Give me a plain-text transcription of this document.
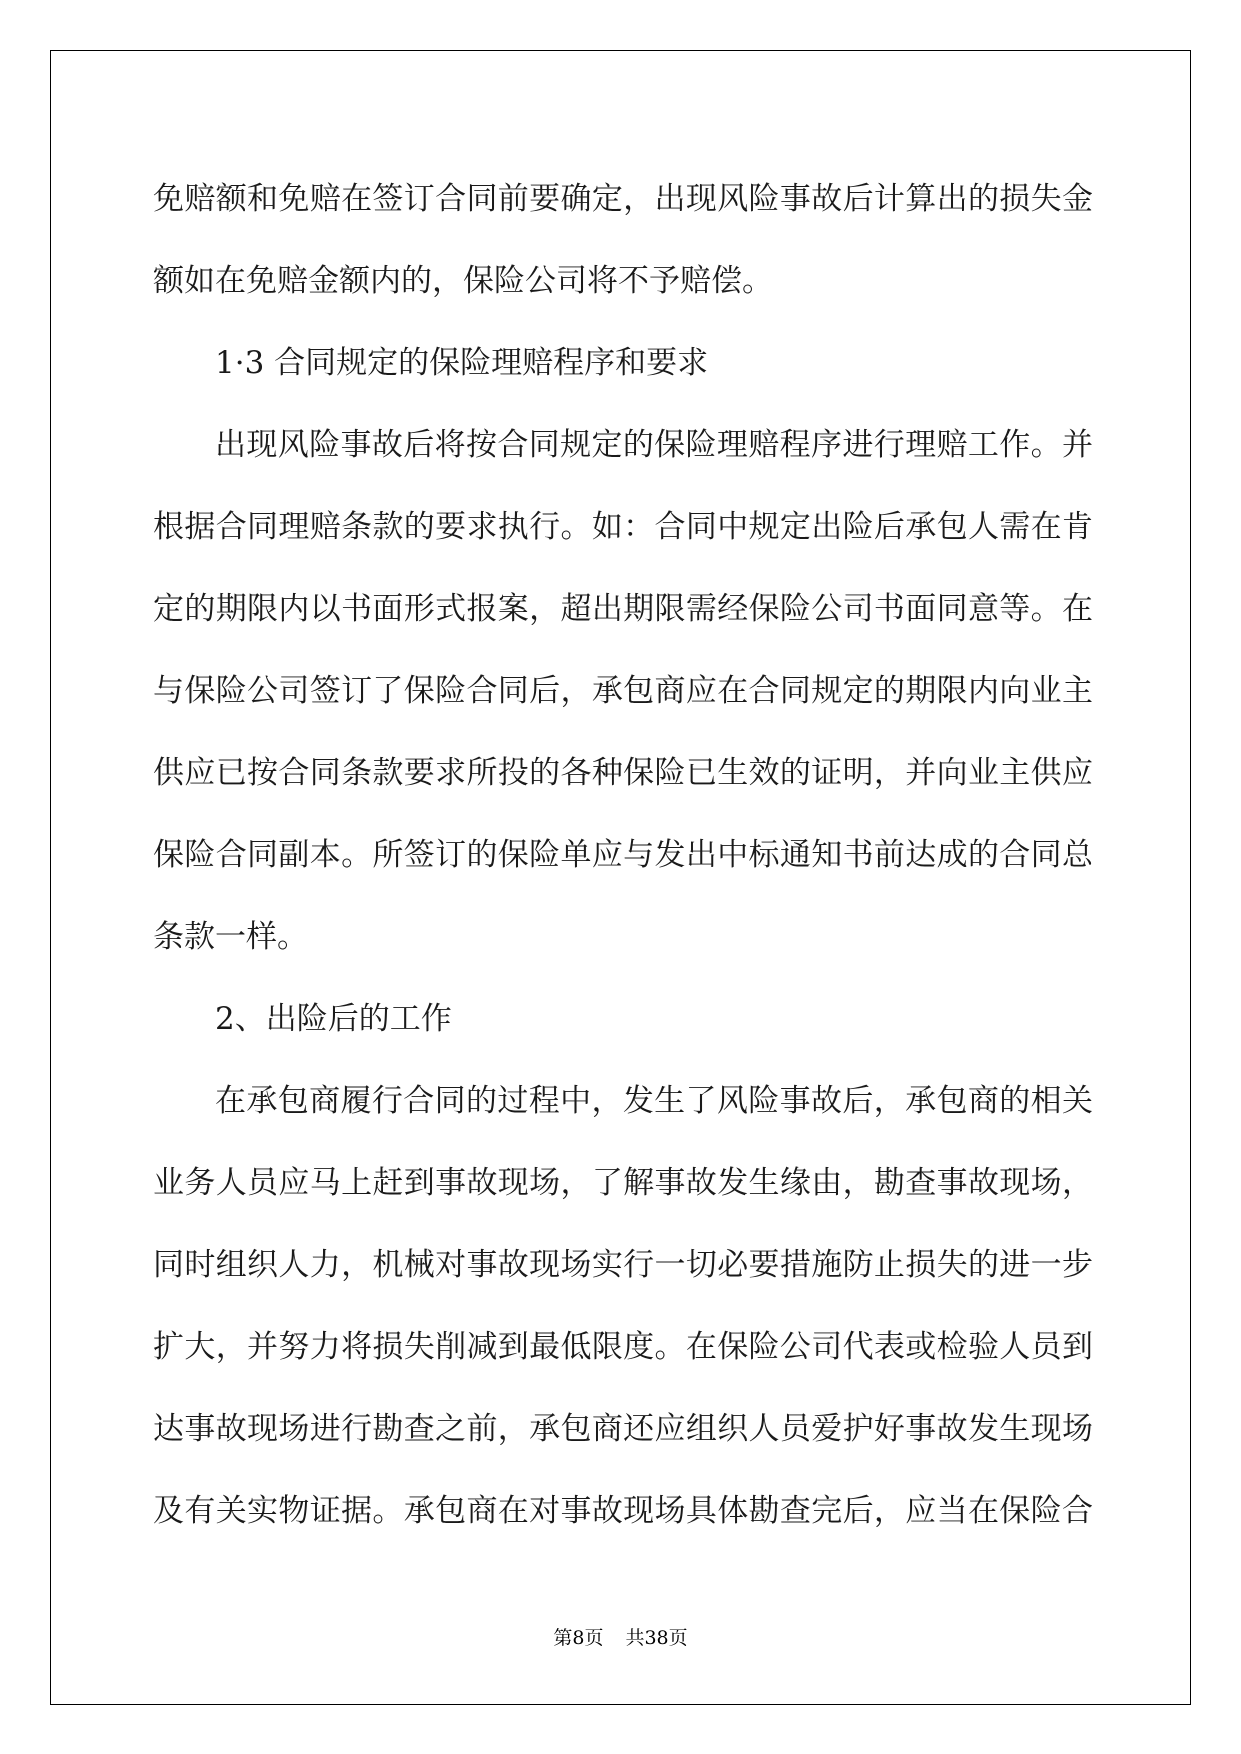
免赔额和免赔在签订合同前要确定，出现风险事故后计算出的损失金
额如在免赔金额内的，保险公司将不予赔偿。
1·3 合同规定的保险理赔程序和要求
出现风险事故后将按合同规定的保险理赔程序进行理赔工作。并
根据合同理赔条款的要求执行。如：合同中规定出险后承包人需在肯
定的期限内以书面形式报案，超出期限需经保险公司书面同意等。在
与保险公司签订了保险合同后，承包商应在合同规定的期限内向业主
供应已按合同条款要求所投的各种保险已生效的证明，并向业主供应
保险合同副本。所签订的保险单应与发出中标通知书前达成的合同总
条款一样。
2、出险后的工作
在承包商履行合同的过程中，发生了风险事故后，承包商的相关
业务人员应马上赶到事故现场，了解事故发生缘由，勘查事故现场，
同时组织人力，机械对事故现场实行一切必要措施防止损失的进一步
扩大，并努力将损失削减到最低限度。在保险公司代表或检验人员到
达事故现场进行勘查之前，承包商还应组织人员爱护好事故发生现场
及有关实物证据。承包商在对事故现场具体勘查完后，应当在保险合
第8页 共38页
